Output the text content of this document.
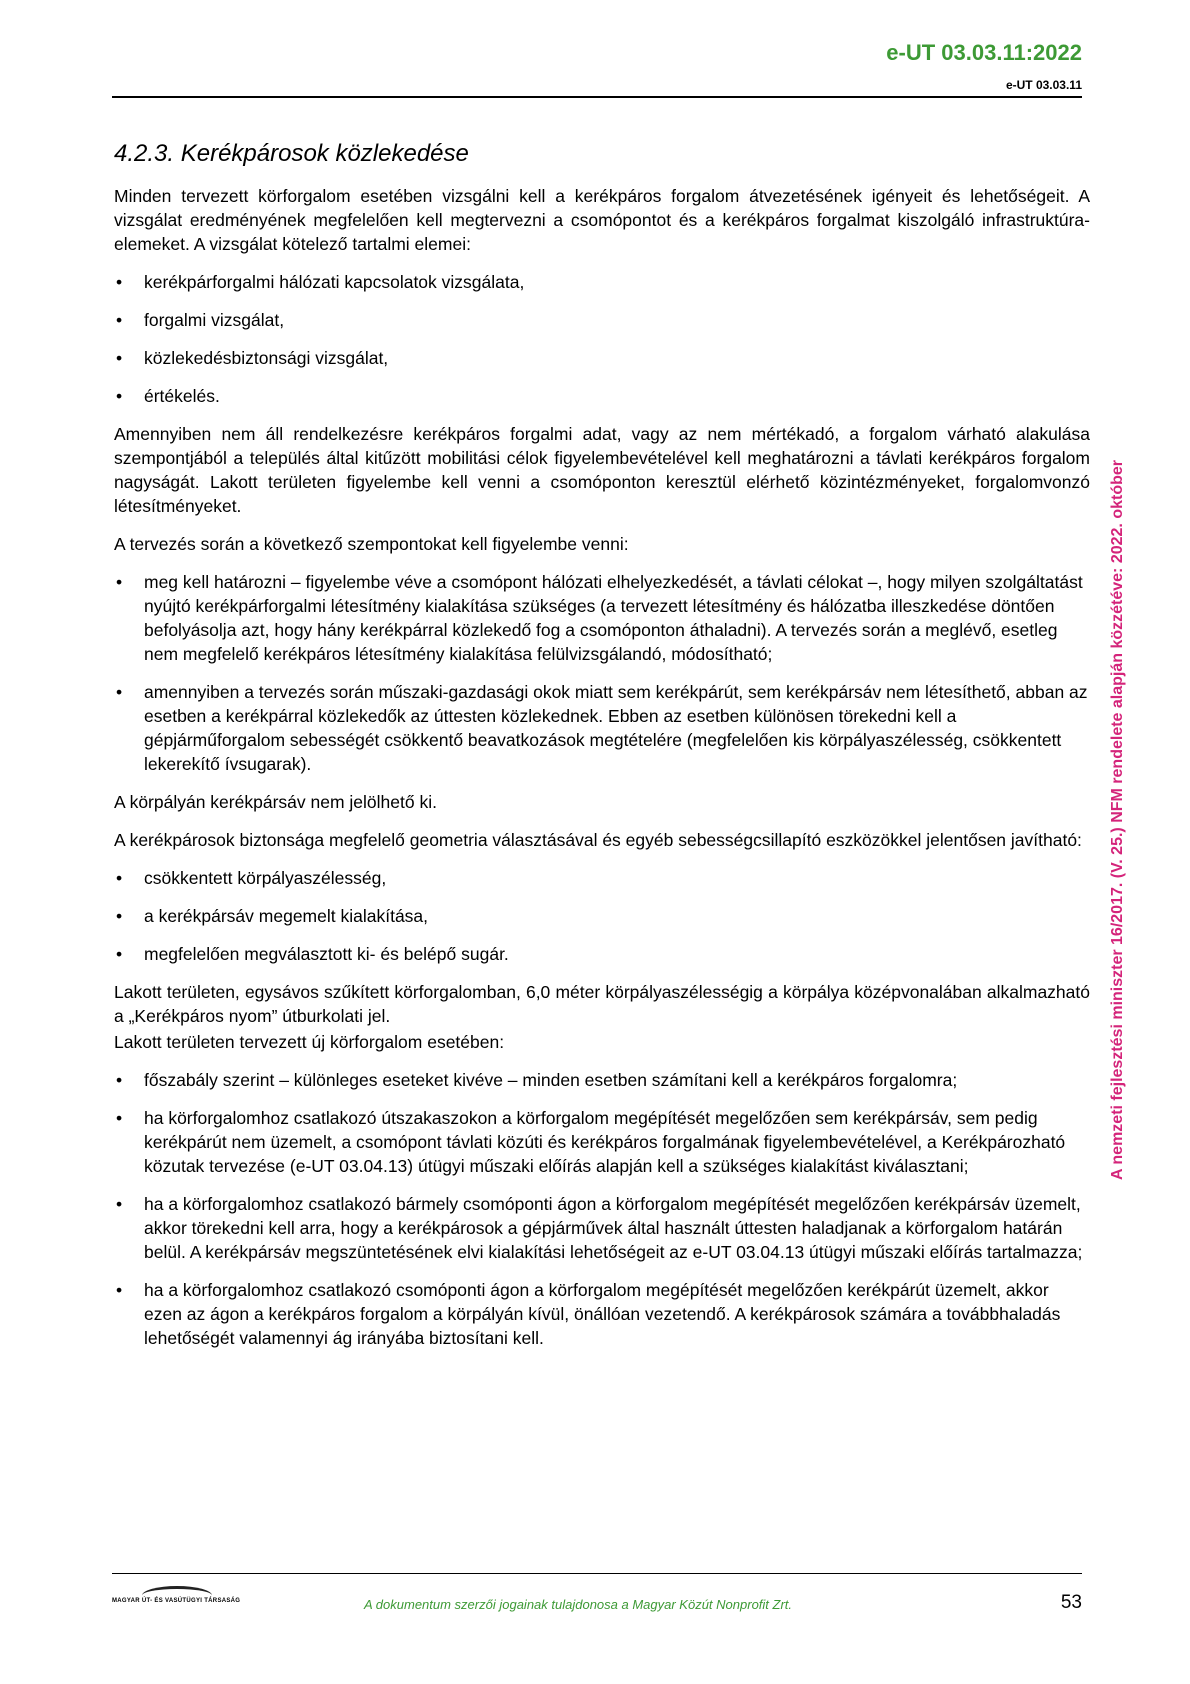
e-UT 03.03.11:2022
e-UT 03.03.11
A nemzeti fejlesztési miniszter 16/2017. (V. 25.) NFM rendelete alapján közzétéve: 2022. október
4.2.3. Kerékpárosok közlekedése
Minden tervezett körforgalom esetében vizsgálni kell a kerékpáros forgalom átvezetésének igényeit és lehetőségeit. A vizsgálat eredményének megfelelően kell megtervezni a csomópontot és a kerékpáros forgalmat kiszolgáló infrastruktúra-elemeket. A vizsgálat kötelező tartalmi elemei:
• kerékpárforgalmi hálózati kapcsolatok vizsgálata,
• forgalmi vizsgálat,
• közlekedésbiztonsági vizsgálat,
• értékelés.
Amennyiben nem áll rendelkezésre kerékpáros forgalmi adat, vagy az nem mértékadó, a forgalom várható alakulása szempontjából a település által kitűzött mobilitási célok figyelembevételével kell meghatározni a távlati kerékpáros forgalom nagyságát. Lakott területen figyelembe kell venni a csomóponton keresztül elérhető közintézményeket, forgalomvonzó létesítményeket.
A tervezés során a következő szempontokat kell figyelembe venni:
• meg kell határozni – figyelembe véve a csomópont hálózati elhelyezkedését, a távlati célokat –, hogy milyen szolgáltatást nyújtó kerékpárforgalmi létesítmény kialakítása szükséges (a tervezett létesítmény és hálózatba illeszkedése döntően befolyásolja azt, hogy hány kerékpárral közlekedő fog a csomóponton áthaladni). A tervezés során a meglévő, esetleg nem megfelelő kerékpáros létesítmény kialakítása felülvizsgálandó, módosítható;
• amennyiben a tervezés során műszaki-gazdasági okok miatt sem kerékpárút, sem kerékpársáv nem létesíthető, abban az esetben a kerékpárral közlekedők az úttesten közlekednek. Ebben az esetben különösen törekedni kell a gépjárműforgalom sebességét csökkentő beavatkozások megtételére (megfelelően kis körpályaszélesség, csökkentett lekerekítő ívsugarak).
A körpályán kerékpársáv nem jelölhető ki.
A kerékpárosok biztonsága megfelelő geometria választásával és egyéb sebességcsillapító eszközökkel jelentősen javítható:
• csökkentett körpályaszélesség,
• a kerékpársáv megemelt kialakítása,
• megfelelően megválasztott ki- és belépő sugár.
Lakott területen, egysávos szűkített körforgalomban, 6,0 méter körpályaszélességig a körpálya középvonalában alkalmazható a „Kerékpáros nyom” útburkolati jel.
Lakott területen tervezett új körforgalom esetében:
• főszabály szerint – különleges eseteket kivéve – minden esetben számítani kell a kerékpáros forgalomra;
• ha körforgalomhoz csatlakozó útszakaszokon a körforgalom megépítését megelőzően sem kerékpársáv, sem pedig kerékpárút nem üzemelt, a csomópont távlati közúti és kerékpáros forgalmának figyelembevételével, a Kerékpározható közutak tervezése (e-UT 03.04.13) útügyi műszaki előírás alapján kell a szükséges kialakítást kiválasztani;
• ha a körforgalomhoz csatlakozó bármely csomóponti ágon a körforgalom megépítését megelőzően kerékpársáv üzemelt, akkor törekedni kell arra, hogy a kerékpárosok a gépjárművek által használt úttesten haladjanak a körforgalom határán belül. A kerékpársáv megszüntetésének elvi kialakítási lehetőségeit az e-UT 03.04.13 útügyi műszaki előírás tartalmazza;
• ha a körforgalomhoz csatlakozó csomóponti ágon a körforgalom megépítését megelőzően kerékpárút üzemelt, akkor ezen az ágon a kerékpáros forgalom a körpályán kívül, önállóan vezetendő. A kerékpárosok számára a továbbhaladás lehetőségét valamennyi ág irányába biztosítani kell.
MAGYAR ÚT- ÉS VASÚTÜGYI TÁRSASÁG	A dokumentum szerzői jogainak tulajdonosa a Magyar Közút Nonprofit Zrt.	53
